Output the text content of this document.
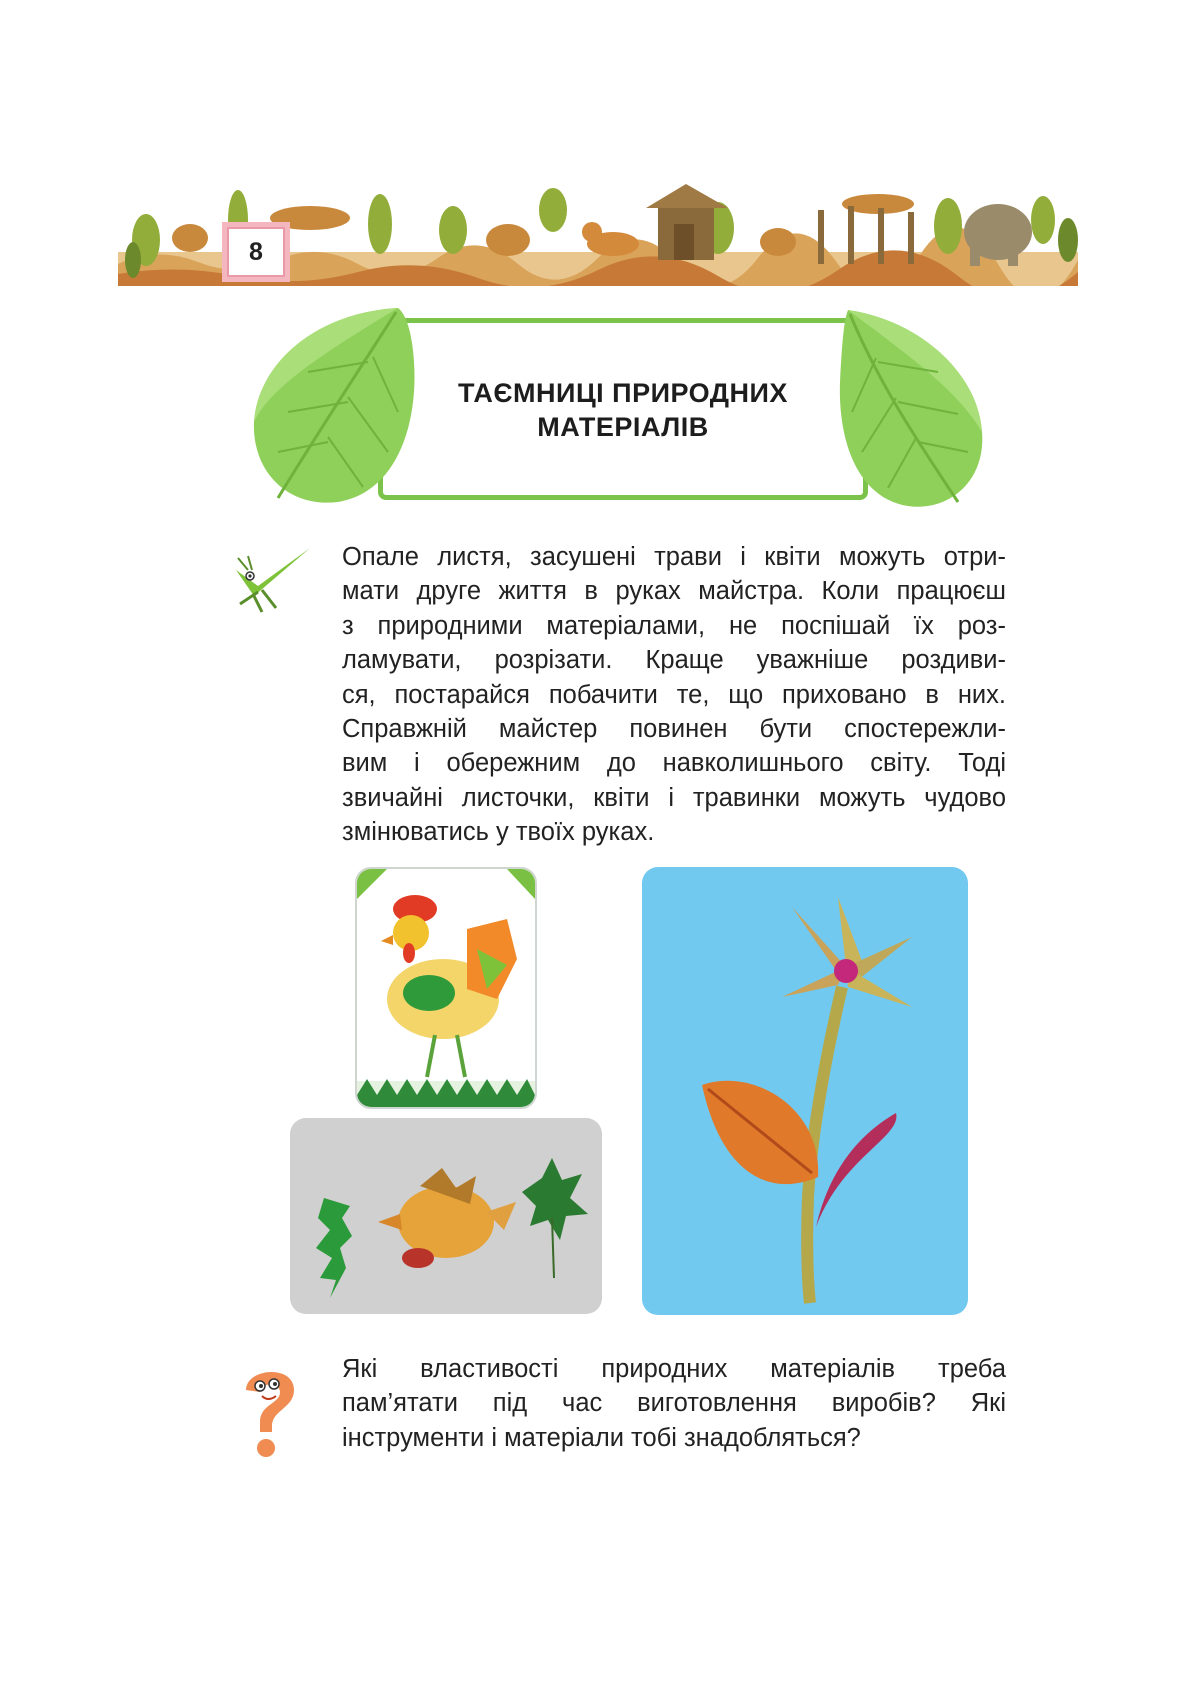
8
ТАЄМНИЦІ ПРИРОДНИХ
МАТЕРІАЛІВ

Опале листя, засушені трави і квіти можуть отри-
мати друге життя в руках майстра. Коли працюєш
з природними матеріалами, не поспішай їх роз-
ламувати, розрізати. Краще уважніше роздиви-
ся, постарайся побачити те, що приховано в них.
Справжній майстер повинен бути спостережли-
вим і обережним до навколишнього світу. Тоді
звичайні листочки, квіти і травинки можуть чудово
змінюватись у твоїх руках.

Які властивості природних матеріалів треба
пам’ятати під час виготовлення виробів? Які
інструменти і матеріали тобі знадобляться?
